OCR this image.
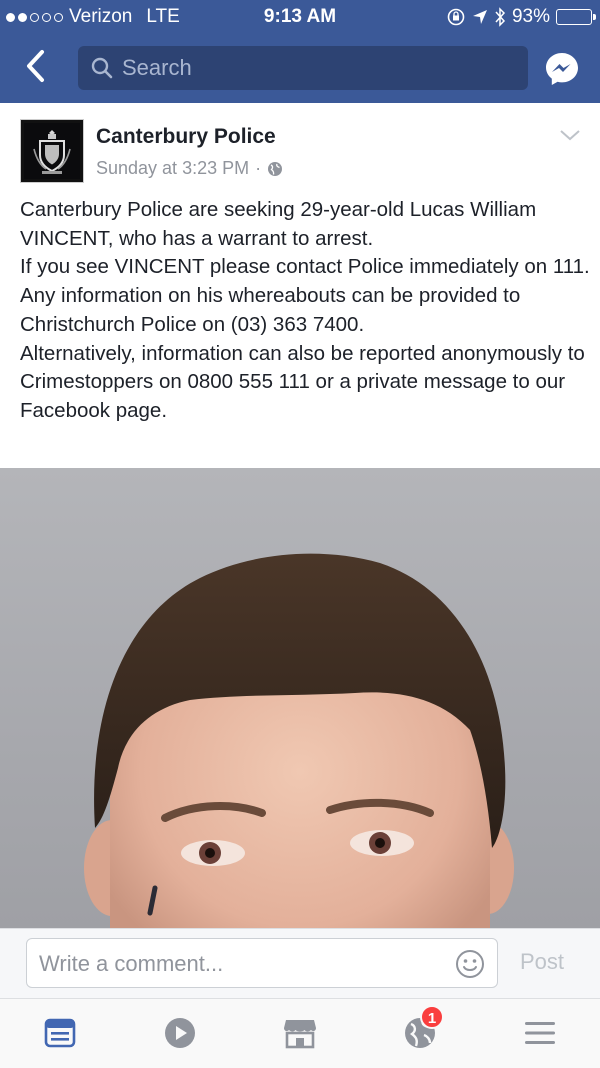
Verizon LTE	9:13 AM	93%
Search
Canterbury Police
Sunday at 3:23 PM ·

Canterbury Police are seeking 29-year-old Lucas William VINCENT, who has a warrant to arrest.

If you see VINCENT please contact Police immediately on 111.

Any information on his whereabouts can be provided to Christchurch Police on (03) 363 7400.

Alternatively, information can also be reported anonymously to Crimestoppers on 0800 555 111 or a private message to our Facebook page.

Write a comment...
Post
1
